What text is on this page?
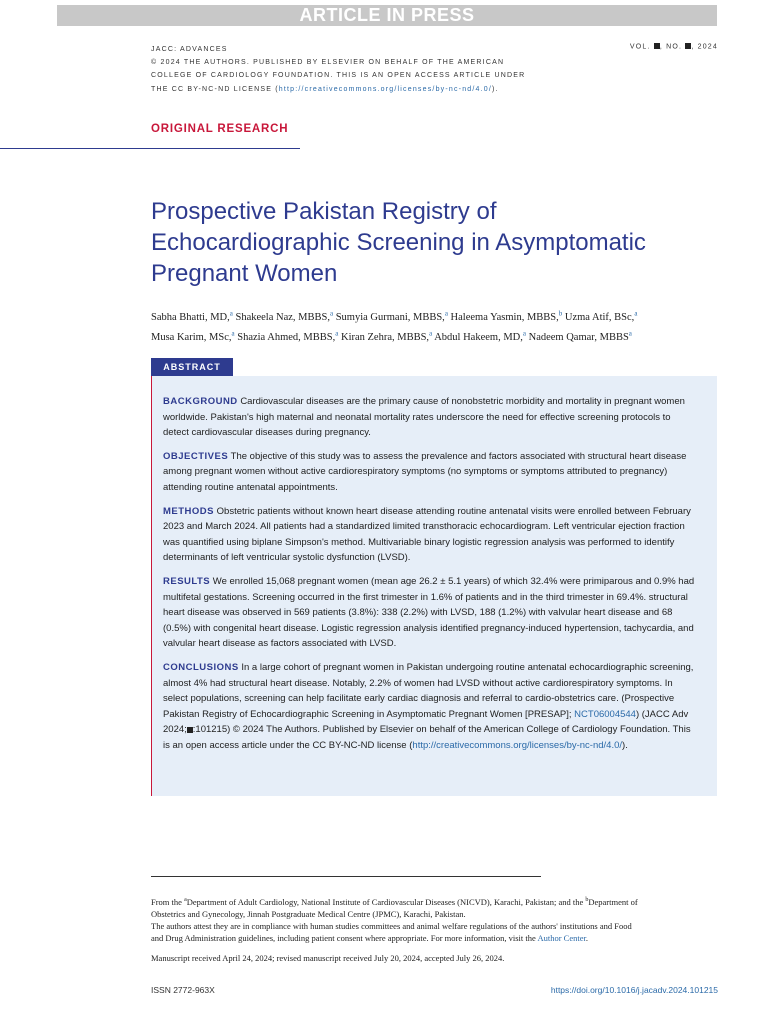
ARTICLE IN PRESS
JACC: ADVANCES
© 2024 THE AUTHORS. PUBLISHED BY ELSEVIER ON BEHALF OF THE AMERICAN
COLLEGE OF CARDIOLOGY FOUNDATION. THIS IS AN OPEN ACCESS ARTICLE UNDER
THE CC BY-NC-ND LICENSE (http://creativecommons.org/licenses/by-nc-nd/4.0/).
VOL. , NO. , 2024
ORIGINAL RESEARCH
Prospective Pakistan Registry of Echocardiographic Screening in Asymptomatic Pregnant Women
Sabha Bhatti, MD,$^a$ Shakeela Naz, MBBS,$^a$ Sumyia Gurmani, MBBS,$^a$ Haleema Yasmin, MBBS,$^b$ Uzma Atif, BSc,$^a$
Musa Karim, MSc,$^a$ Shazia Ahmed, MBBS,$^a$ Kiran Zehra, MBBS,$^a$ Abdul Hakeem, MD,$^a$ Nadeem Qamar, MBBS$^a$
ABSTRACT

BACKGROUND Cardiovascular diseases are the primary cause of nonobstetric morbidity and mortality in pregnant women worldwide. Pakistan's high maternal and neonatal mortality rates underscore the need for effective screening protocols to detect cardiovascular diseases during pregnancy.

OBJECTIVES The objective of this study was to assess the prevalence and factors associated with structural heart disease among pregnant women without active cardiorespiratory symptoms (no symptoms or symptoms attributed to pregnancy) attending routine antenatal appointments.

METHODS Obstetric patients without known heart disease attending routine antenatal visits were enrolled between February 2023 and March 2024. All patients had a standardized limited transthoracic echocardiogram. Left ventricular ejection fraction was quantified using biplane Simpson's method. Multivariable binary logistic regression analysis was performed to identify determinants of left ventricular systolic dysfunction (LVSD).

RESULTS We enrolled 15,068 pregnant women (mean age 26.2 ± 5.1 years) of which 32.4% were primiparous and 0.9% had multifetal gestations. Screening occurred in the first trimester in 1.6% of patients and in the third trimester in 69.4%. structural heart disease was observed in 569 patients (3.8%): 338 (2.2%) with LVSD, 188 (1.2%) with valvular heart disease and 68 (0.5%) with congenital heart disease. Logistic regression analysis identified pregnancy-induced hypertension, tachycardia, and valvular heart disease as factors associated with LVSD.

CONCLUSIONS In a large cohort of pregnant women in Pakistan undergoing routine antenatal echocardiographic screening, almost 4% had structural heart disease. Notably, 2.2% of women had LVSD without active cardiorespiratory symptoms. In select populations, screening can help facilitate early cardiac diagnosis and referral to cardio-obstetrics care. (Prospective Pakistan Registry of Echocardiographic Screening in Asymptomatic Pregnant Women [PRESAP]; NCT06004544) (JACC Adv 2024; :101215) © 2024 The Authors. Published by Elsevier on behalf of the American College of Cardiology Foundation. This is an open access article under the CC BY-NC-ND license (http://creativecommons.org/licenses/by-nc-nd/4.0/).

From the $^a$Department of Adult Cardiology, National Institute of Cardiovascular Diseases (NICVD), Karachi, Pakistan; and the $^b$Department of Obstetrics and Gynecology, Jinnah Postgraduate Medical Centre (JPMC), Karachi, Pakistan.

The authors attest they are in compliance with human studies committees and animal welfare regulations of the authors' institutions and Food and Drug Administration guidelines, including patient consent where appropriate. For more information, visit the Author Center.

Manuscript received April 24, 2024; revised manuscript received July 20, 2024, accepted July 26, 2024.

ISSN 2772-963X	https://doi.org/10.1016/j.jacadv.2024.101215
